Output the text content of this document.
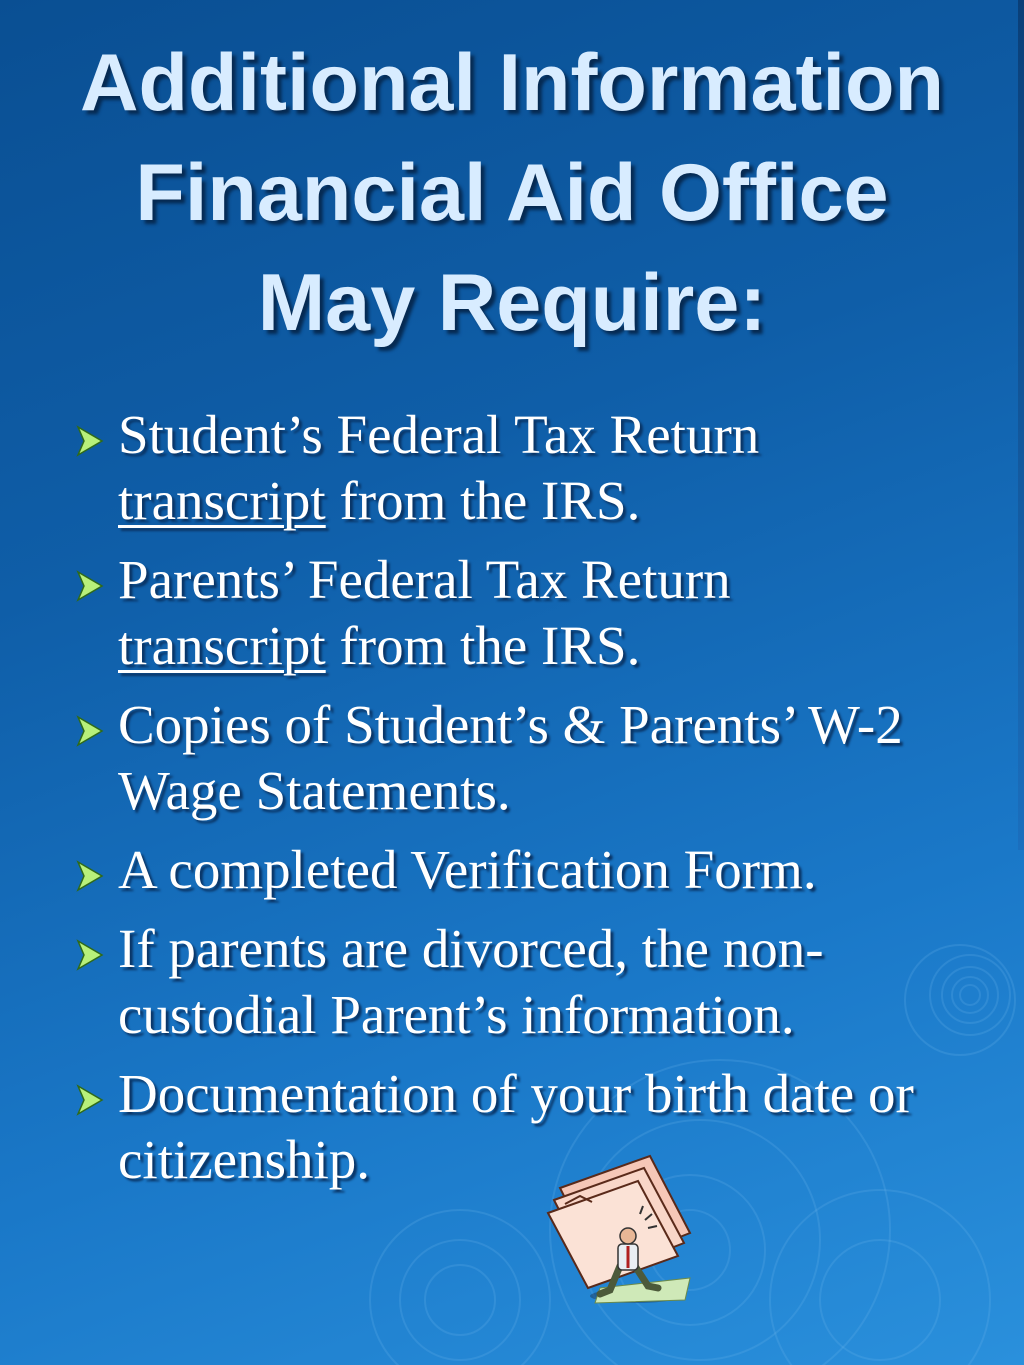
Additional Information
Financial Aid Office
May Require:
Student’s Federal Tax Return
transcript from the IRS.
Parents’ Federal Tax Return
transcript from the IRS.
Copies of Student’s & Parents’ W-2 Wage Statements.
A completed Verification Form.
If parents are divorced, the non-custodial Parent’s information.
Documentation of your birth date or citizenship.
